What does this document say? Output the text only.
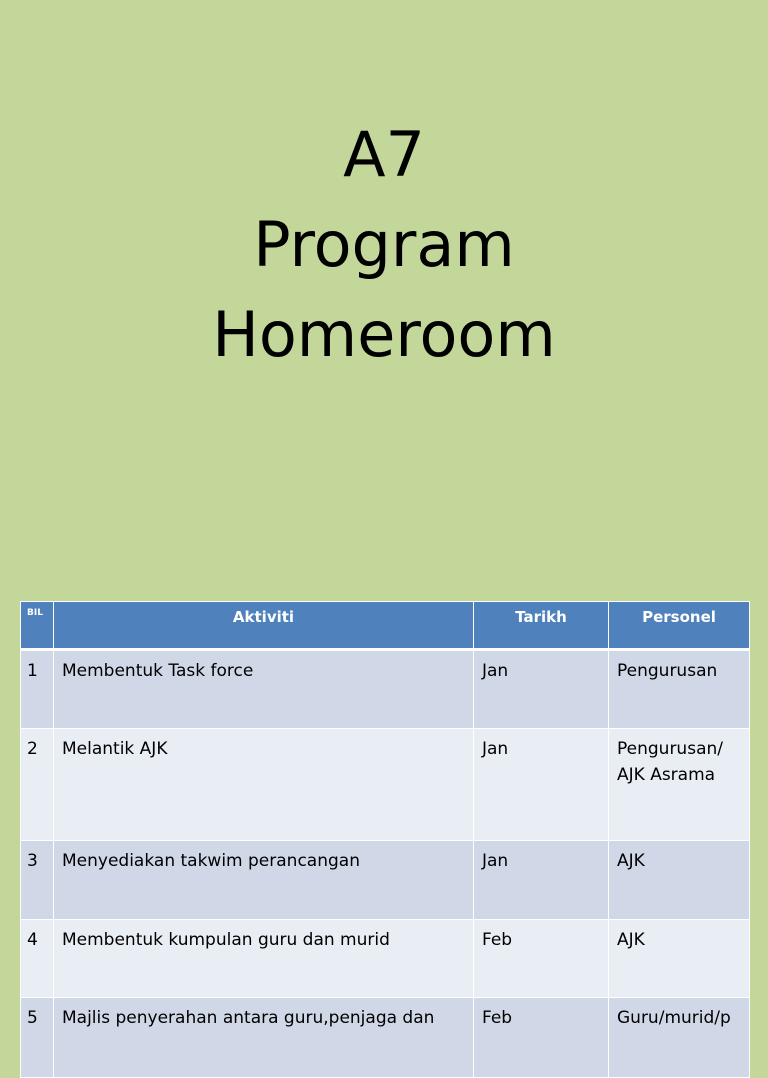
A7
Program
Homeroom
BIL	Aktiviti	Tarikh	Personel
1	Membentuk Task force	Jan	Pengurusan
2	Melantik AJK	Jan	Pengurusan/ AJK Asrama
3	Menyediakan takwim perancangan	Jan	AJK
4	Membentuk kumpulan guru dan murid	Feb	AJK
5	Majlis penyerahan antara guru,penjaga dan	Feb	Guru/murid/p
